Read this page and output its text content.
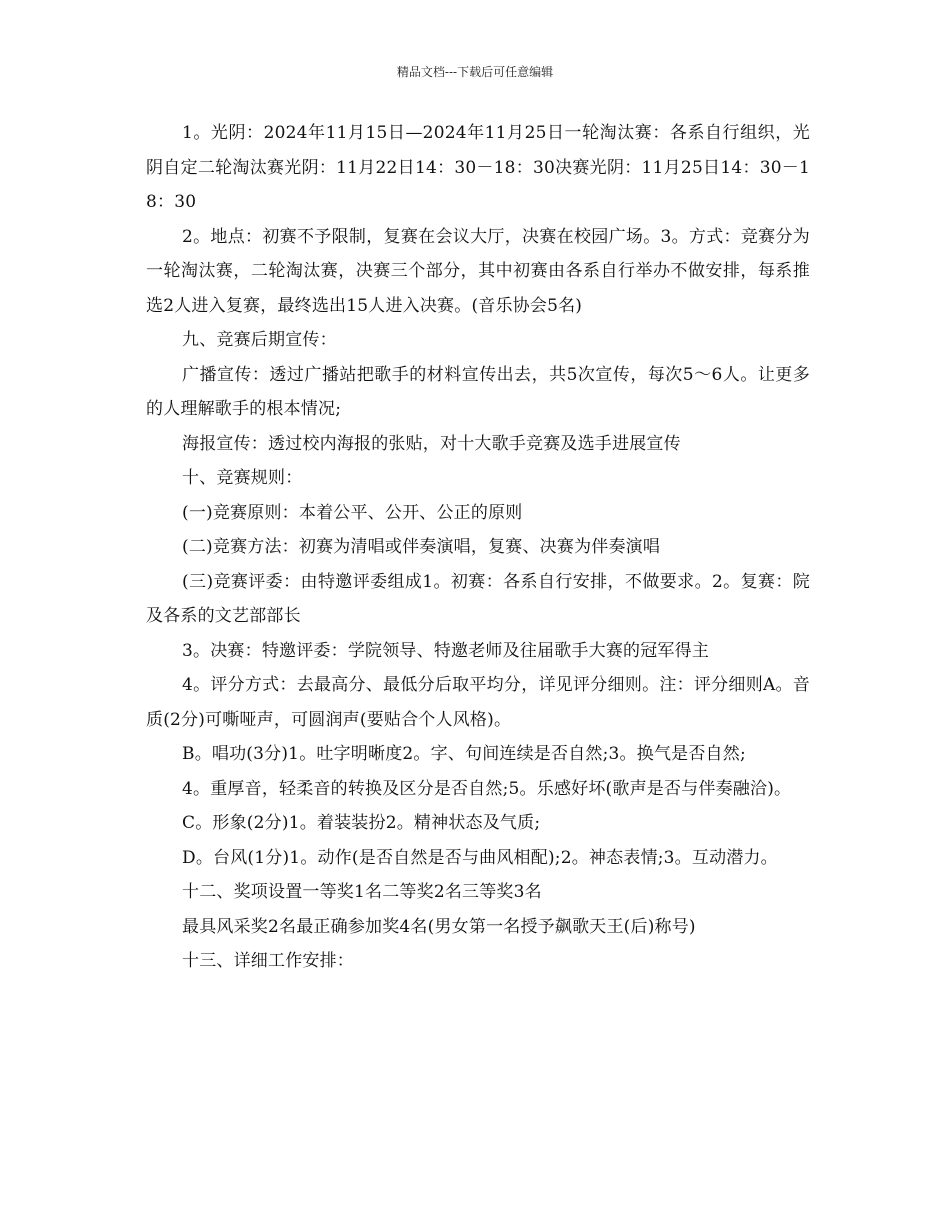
精品文档---下载后可任意编辑

1。光阴：2024年11月15日—2024年11月25日一轮淘汰赛：各系自行组织，光阴自定二轮淘汰赛光阴：11月22日14：30－18：30决赛光阴：11月25日14：30－18：30

2。地点：初赛不予限制，复赛在会议大厅，决赛在校园广场。3。方式：竞赛分为一轮淘汰赛，二轮淘汰赛，决赛三个部分，其中初赛由各系自行举办不做安排，每系推选2人进入复赛，最终选出15人进入决赛。(音乐协会5名)

九、竞赛后期宣传：

广播宣传：透过广播站把歌手的材料宣传出去，共5次宣传，每次5～6人。让更多的人理解歌手的根本情况;

海报宣传：透过校内海报的张贴，对十大歌手竞赛及选手进展宣传

十、竞赛规则：

(一)竞赛原则：本着公平、公开、公正的原则

(二)竞赛方法：初赛为清唱或伴奏演唱，复赛、决赛为伴奏演唱

(三)竞赛评委：由特邀评委组成1。初赛：各系自行安排，不做要求。2。复赛：院及各系的文艺部部长

3。决赛：特邀评委：学院领导、特邀老师及往届歌手大赛的冠军得主

4。评分方式：去最高分、最低分后取平均分，详见评分细则。注：评分细则A。音质(2分)可嘶哑声，可圆润声(要贴合个人风格)。

B。唱功(3分)1。吐字明晰度2。字、句间连续是否自然;3。换气是否自然;

4。重厚音，轻柔音的转换及区分是否自然;5。乐感好坏(歌声是否与伴奏融洽)。

C。形象(2分)1。着装装扮2。精神状态及气质;

D。台风(1分)1。动作(是否自然是否与曲风相配);2。神态表情;3。互动潜力。

十二、奖项设置一等奖1名二等奖2名三等奖3名

最具风采奖2名最正确参加奖4名(男女第一名授予飙歌天王(后)称号)

十三、详细工作安排：
